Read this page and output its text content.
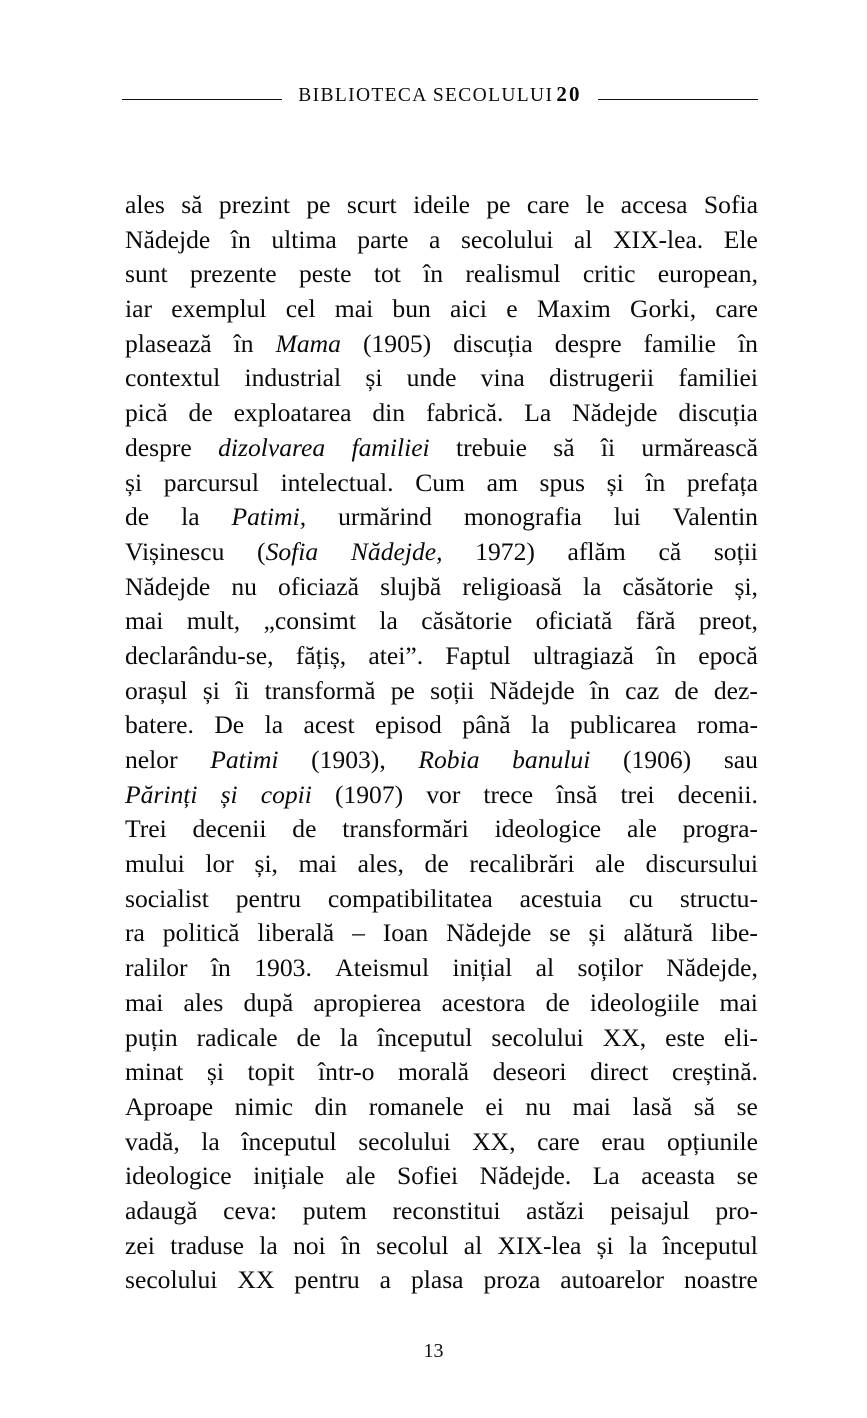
BIBLIOTECA SECOLULUI 20
ales să prezint pe scurt ideile pe care le accesa Sofia
Nădejde în ultima parte a secolului al XIX-lea. Ele
sunt prezente peste tot în realismul critic european,
iar exemplul cel mai bun aici e Maxim Gorki, care
plasează în Mama (1905) discuția despre familie în
contextul industrial și unde vina distrugerii familiei
pică de exploatarea din fabrică. La Nădejde discuția
despre dizolvarea familiei trebuie să îi urmărească
și parcursul intelectual. Cum am spus și în prefața
de la Patimi, urmărind monografia lui Valentin
Vișinescu (Sofia Nădejde, 1972) aflăm că soții
Nădejde nu oficiază slujbă religioasă la căsătorie și,
mai mult, „consimt la căsătorie oficiată fără preot,
declarându-se, fățiș, atei”. Faptul ultragiază în epocă
orașul și îi transformă pe soții Nădejde în caz de dez-
batere. De la acest episod până la publicarea roma-
nelor Patimi (1903), Robia banului (1906) sau
Părinți și copii (1907) vor trece însă trei decenii.
Trei decenii de transformări ideologice ale progra-
mului lor și, mai ales, de recalibrări ale discursului
socialist pentru compatibilitatea acestuia cu structu-
ra politică liberală – Ioan Nădejde se și alătură libe-
ralilor în 1903. Ateismul inițial al soților Nădejde,
mai ales după apropierea acestora de ideologiile mai
puțin radicale de la începutul secolului XX, este eli-
minat și topit într-o morală deseori direct creștină.
Aproape nimic din romanele ei nu mai lasă să se
vadă, la începutul secolului XX, care erau opțiunile
ideologice inițiale ale Sofiei Nădejde. La aceasta se
adaugă ceva: putem reconstitui astăzi peisajul pro-
zei traduse la noi în secolul al XIX-lea și la începutul
secolului XX pentru a plasa proza autoarelor noastre
13
